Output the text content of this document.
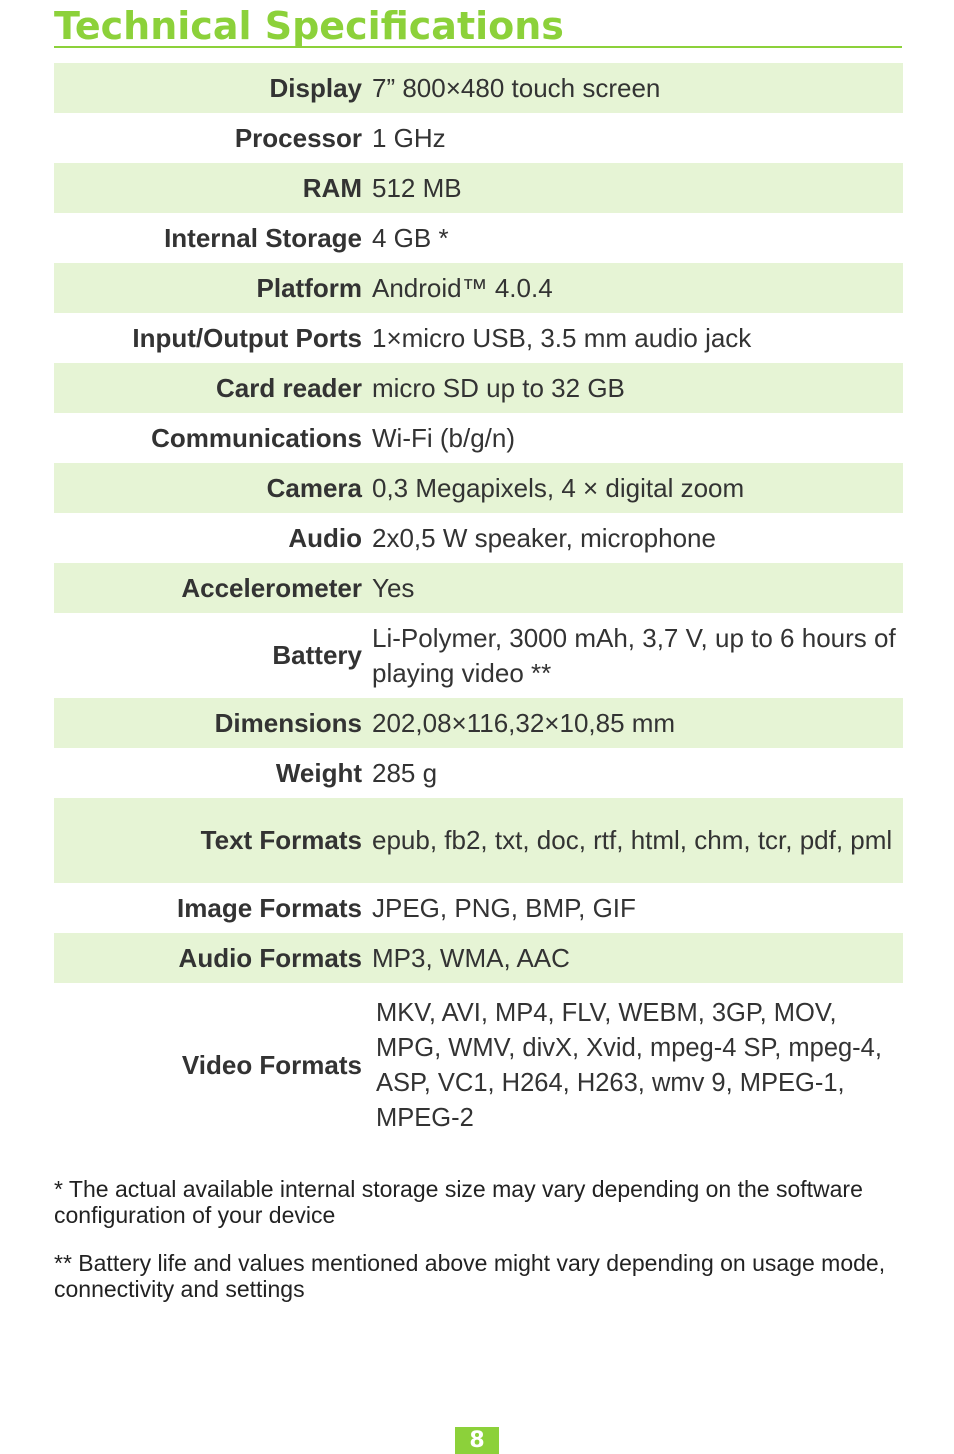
Technical Specifications
Display 7” 800×480 touch screen
Processor 1 GHz
RAM 512 MB
Internal Storage 4 GB *
Platform Android™ 4.0.4
Input/Output Ports 1×micro USB, 3.5 mm audio jack
Card reader micro SD up to 32 GB
Communications Wi-Fi (b/g/n)
Camera 0,3 Megapixels, 4 × digital zoom
Audio 2x0,5 W speaker, microphone
Accelerometer Yes
Battery
Li-Polymer, 3000 mAh, 3,7 V, up to 6 hours of playing video **
Dimensions 202,08×116,32×10,85 mm
Weight 285 g
Text Formats epub, fb2, txt, doc, rtf, html, chm, tcr, pdf, pml
Image Formats JPEG, PNG, BMP, GIF
Audio Formats MP3, WMA, AAC
Video Formats
MKV, AVI, MP4, FLV, WEBM, 3GP, MOV, MPG, WMV, divX, Xvid, mpeg-4 SP, mpeg-4, ASP, VC1, H264, H263, wmv 9, MPEG-1, MPEG-2

* The actual available internal storage size may vary depending on the software configuration of your device

** Battery life and values mentioned above might vary depending on usage mode, connectivity and settings

8
